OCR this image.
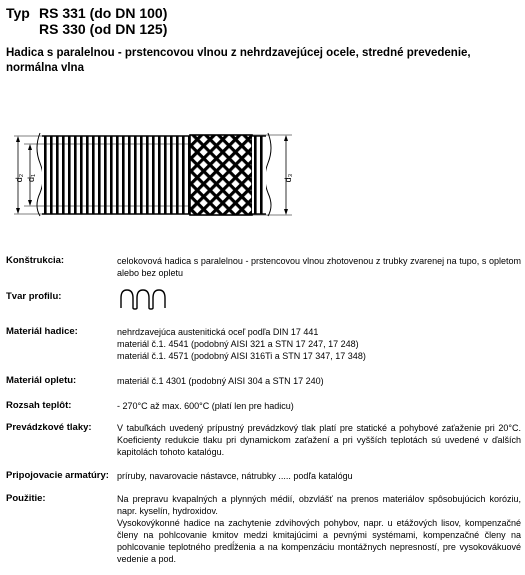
Typ RS 331 (do DN 100)
RS 330 (od DN 125)
Hadica s paralelnou - prstencovou vlnou z nehrdzavejúcej ocele, stredné prevedenie, normálna vlna
d₂ d₁	d₃
Konštrukcia:	celokovová hadica s paralelnou - prstencovou vlnou zhotovenou z trubky zvarenej na tupo, s opletom alebo bez opletu
Tvar profilu:
Materiál hadice:	nehrdzavejúca austenitická oceľ podľa DIN 17 441
materiál č.1. 4541 (podobný AISI 321 a STN 17 247, 17 248)
materiál č.1. 4571 (podobný AISI 316Ti a STN 17 347, 17 348)
Materiál opletu:	materiál č.1 4301 (podobný AISI 304 a STN 17 240)
Rozsah teplôt:	- 270°C až max. 600°C (platí len pre hadicu)
Prevádzkové tlaky:	V tabuľkách uvedený prípustný prevádzkový tlak platí pre statické a pohybové zaťaženie pri 20°C. Koeficienty redukcie tlaku pri dynamickom zaťažení a pri vyšších teplotách sú uvedené v ďalších kapitolách tohoto katalógu.
Pripojovacie armatúry: príruby, navarovacie nástavce, nátrubky ..... podľa katalógu
Použitie:	Na prepravu kvapalných a plynných médií, obzvlášť na prenos materiálov spôsobujúcich koróziu, napr. kyselín, hydroxidov.
Vysokovýkonné hadice na zachytenie zdvihových pohybov, napr. u etážových lisov, kompenzačné členy na pohlcovanie kmitov medzi kmitajúcimi a pevnými systémami, kompenzačné členy na pohlcovanie teplotného predĺženia a na kompenzáciu montážnych nepresností, pre vysokovákuové vedenie a pod.
